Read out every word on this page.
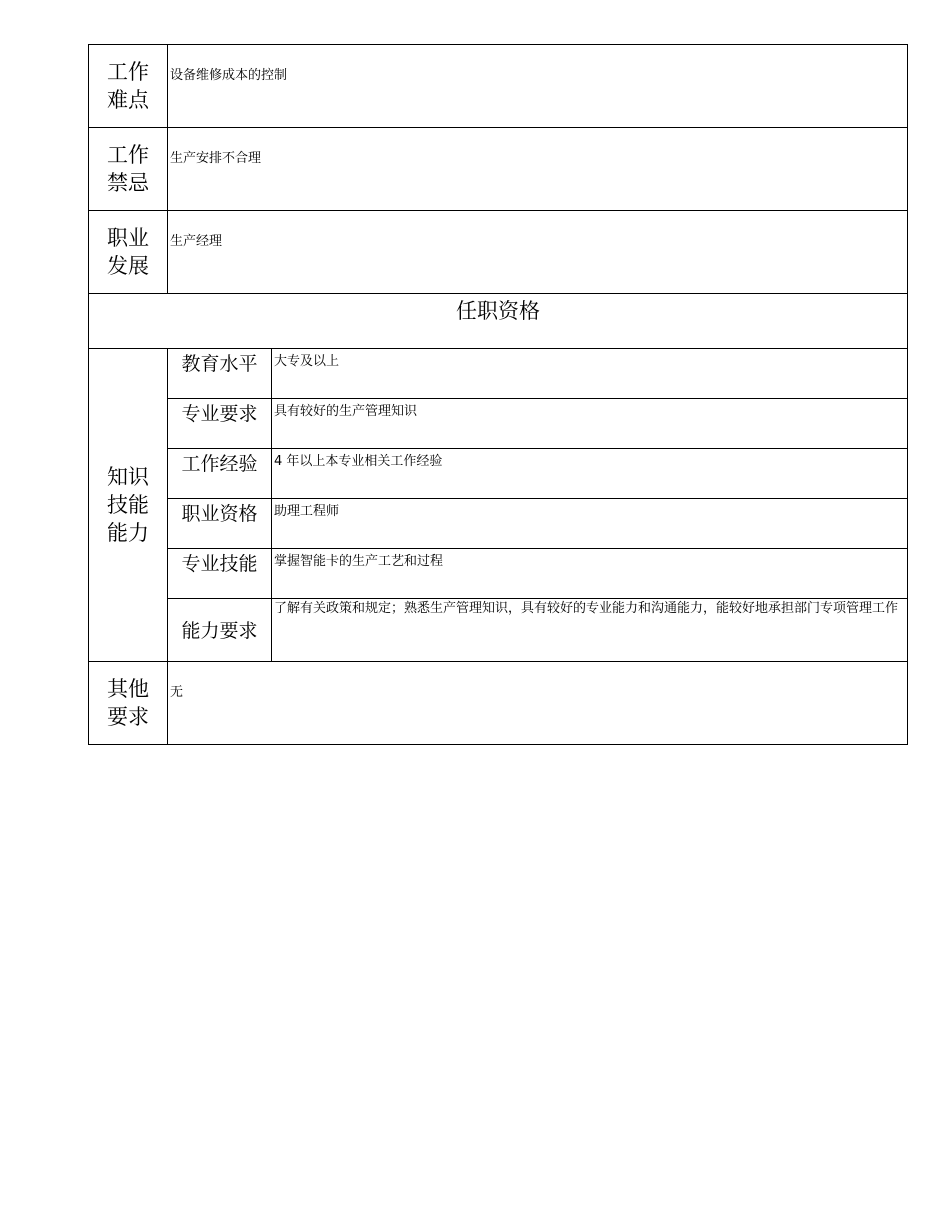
工作
难点	设备维修成本的控制	

工作
禁忌	生产安排不合理	

职业
发展	生产经理	
任职资格		

知识
技能
能力	教育水平	大专及以上
	专业要求	具有较好的生产管理知识
	工作经验	4 年以上本专业相关工作经验
	职业资格	助理工程师
	专业技能	掌握智能卡的生产工艺和过程
	能力要求	了解有关政策和规定；熟悉生产管理知识，具有较好的专业能力和沟通能力，能较好地承担部门专项管理工作

其他
要求	无	
